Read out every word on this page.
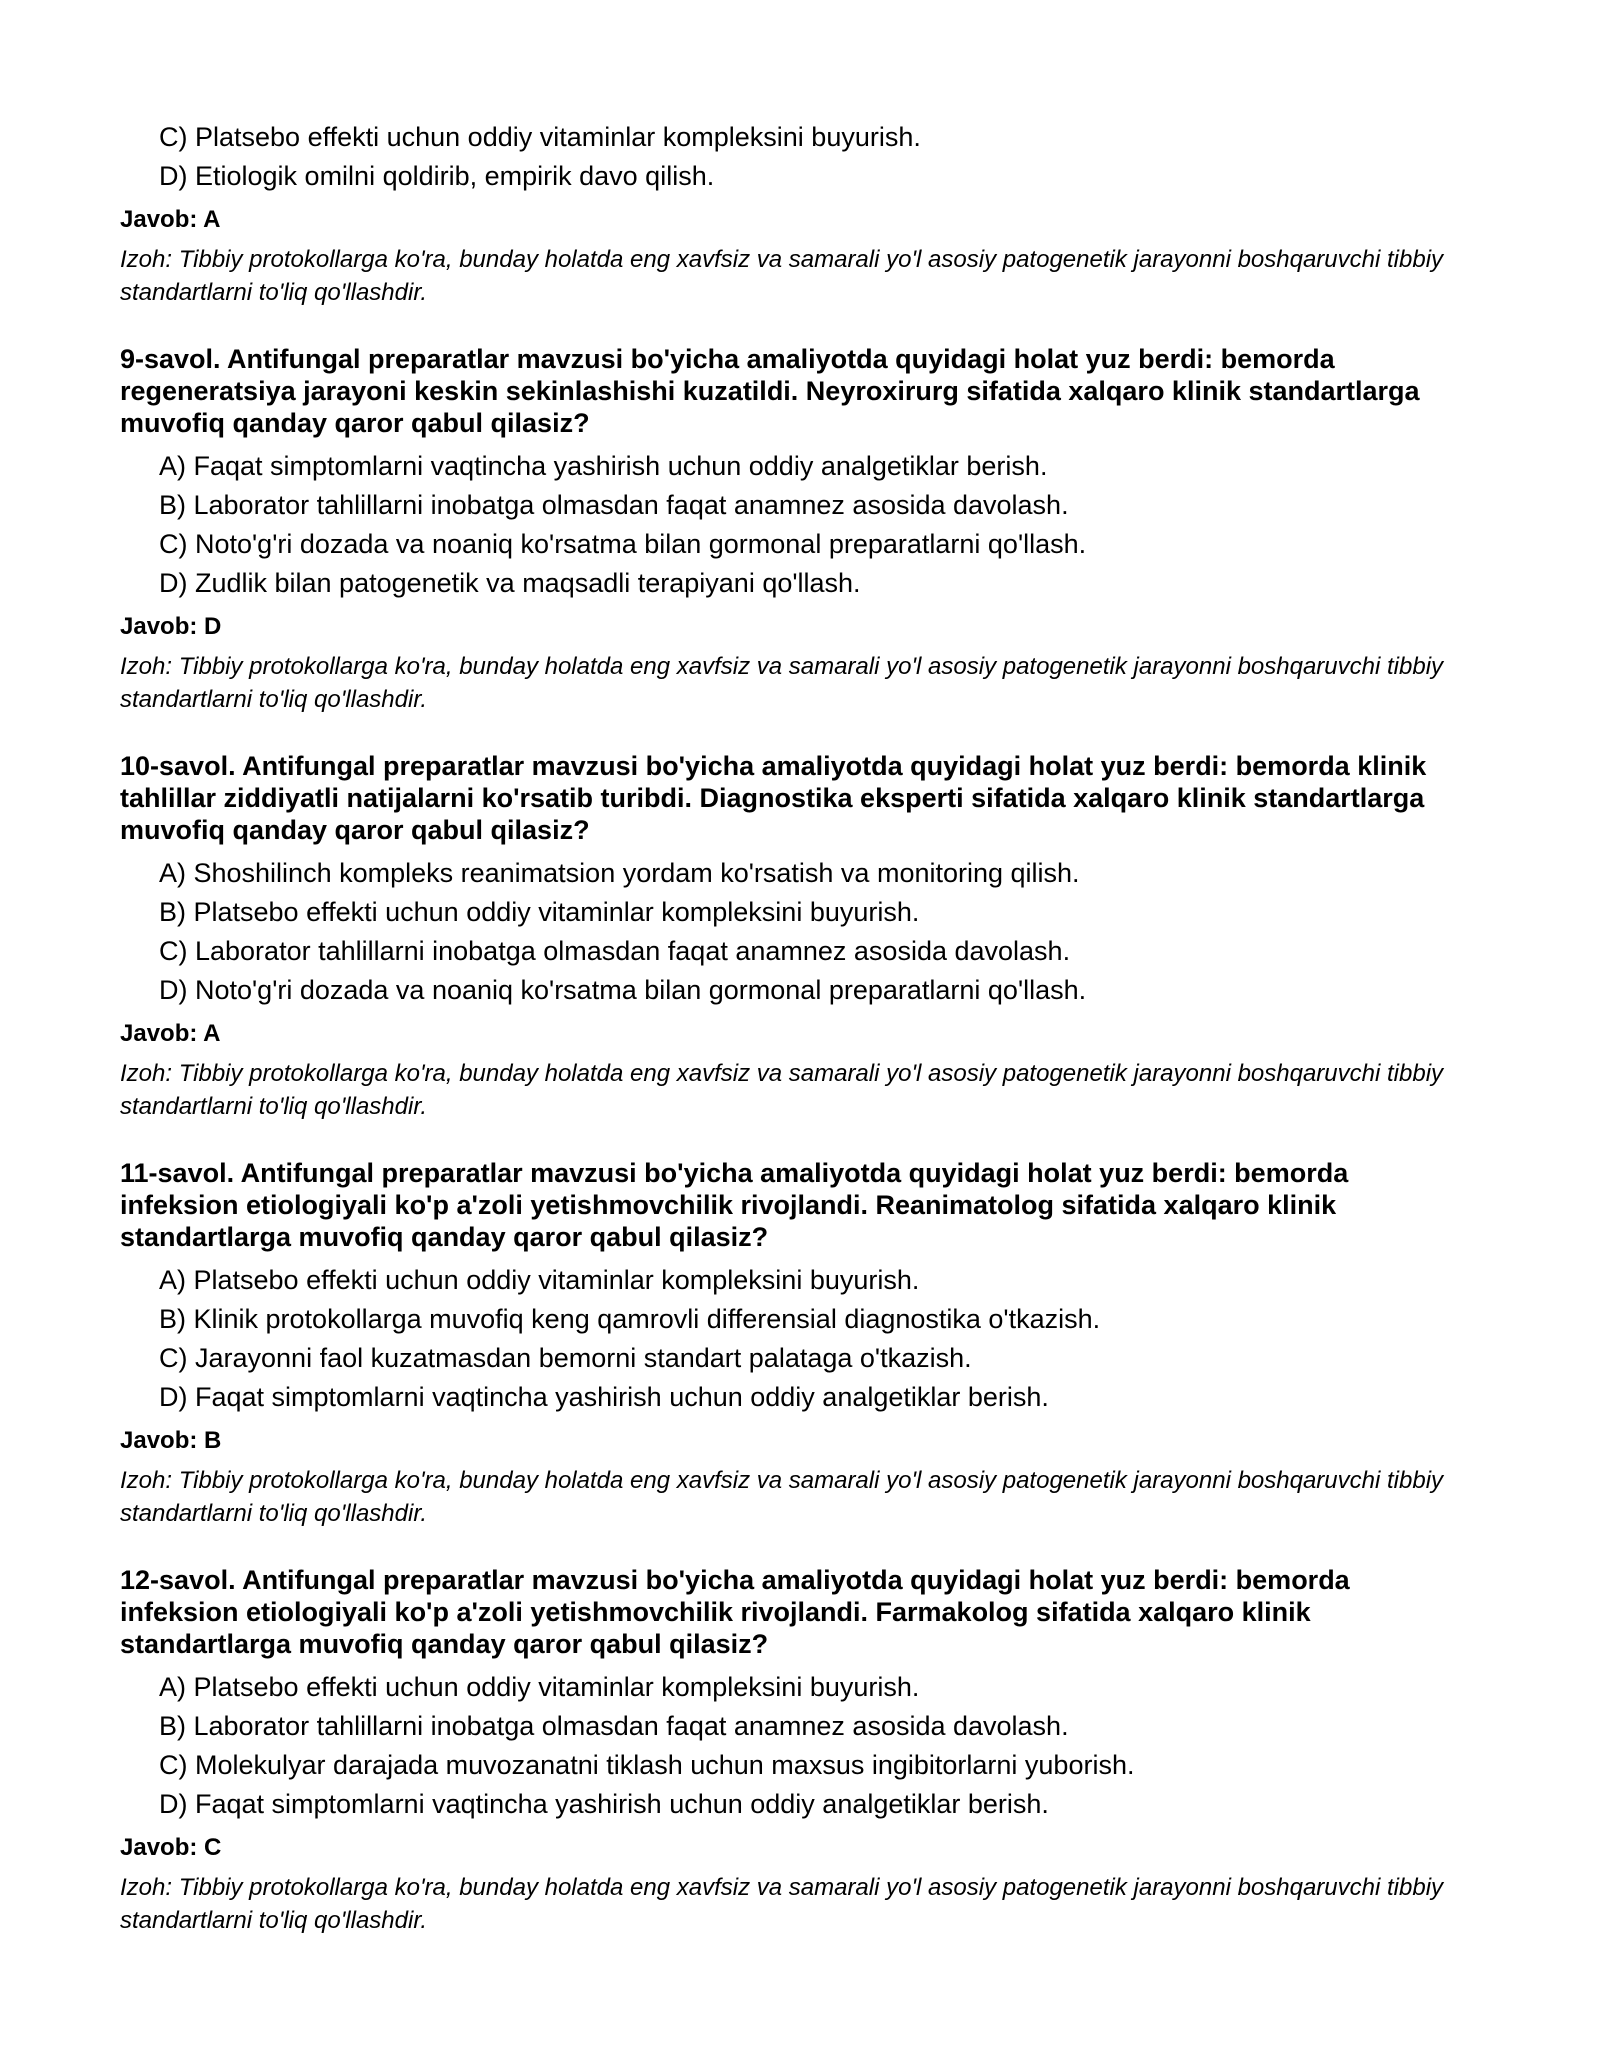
C) Platsebo effekti uchun oddiy vitaminlar kompleksini buyurish.

D) Etiologik omilni qoldirib, empirik davo qilish.

Javob: A

Izoh: Tibbiy protokollarga ko'ra, bunday holatda eng xavfsiz va samarali yo'l asosiy patogenetik jarayonni boshqaruvchi tibbiy standartlarni to'liq qo'llashdir.

9-savol. Antifungal preparatlar mavzusi bo'yicha amaliyotda quyidagi holat yuz berdi: bemorda regeneratsiya jarayoni keskin sekinlashishi kuzatildi. Neyroxirurg sifatida xalqaro klinik standartlarga muvofiq qanday qaror qabul qilasiz?

A) Faqat simptomlarni vaqtincha yashirish uchun oddiy analgetiklar berish.

B) Laborator tahlillarni inobatga olmasdan faqat anamnez asosida davolash.

C) Noto'g'ri dozada va noaniq ko'rsatma bilan gormonal preparatlarni qo'llash.

D) Zudlik bilan patogenetik va maqsadli terapiyani qo'llash.

Javob: D

Izoh: Tibbiy protokollarga ko'ra, bunday holatda eng xavfsiz va samarali yo'l asosiy patogenetik jarayonni boshqaruvchi tibbiy standartlarni to'liq qo'llashdir.

10-savol. Antifungal preparatlar mavzusi bo'yicha amaliyotda quyidagi holat yuz berdi: bemorda klinik tahlillar ziddiyatli natijalarni ko'rsatib turibdi. Diagnostika eksperti sifatida xalqaro klinik standartlarga muvofiq qanday qaror qabul qilasiz?

A) Shoshilinch kompleks reanimatsion yordam ko'rsatish va monitoring qilish.

B) Platsebo effekti uchun oddiy vitaminlar kompleksini buyurish.

C) Laborator tahlillarni inobatga olmasdan faqat anamnez asosida davolash.

D) Noto'g'ri dozada va noaniq ko'rsatma bilan gormonal preparatlarni qo'llash.

Javob: A

Izoh: Tibbiy protokollarga ko'ra, bunday holatda eng xavfsiz va samarali yo'l asosiy patogenetik jarayonni boshqaruvchi tibbiy standartlarni to'liq qo'llashdir.

11-savol. Antifungal preparatlar mavzusi bo'yicha amaliyotda quyidagi holat yuz berdi: bemorda infeksion etiologiyali ko'p a'zoli yetishmovchilik rivojlandi. Reanimatolog sifatida xalqaro klinik standartlarga muvofiq qanday qaror qabul qilasiz?

A) Platsebo effekti uchun oddiy vitaminlar kompleksini buyurish.

B) Klinik protokollarga muvofiq keng qamrovli differensial diagnostika o'tkazish.

C) Jarayonni faol kuzatmasdan bemorni standart palataga o'tkazish.

D) Faqat simptomlarni vaqtincha yashirish uchun oddiy analgetiklar berish.

Javob: B

Izoh: Tibbiy protokollarga ko'ra, bunday holatda eng xavfsiz va samarali yo'l asosiy patogenetik jarayonni boshqaruvchi tibbiy standartlarni to'liq qo'llashdir.

12-savol. Antifungal preparatlar mavzusi bo'yicha amaliyotda quyidagi holat yuz berdi: bemorda infeksion etiologiyali ko'p a'zoli yetishmovchilik rivojlandi. Farmakolog sifatida xalqaro klinik standartlarga muvofiq qanday qaror qabul qilasiz?

A) Platsebo effekti uchun oddiy vitaminlar kompleksini buyurish.

B) Laborator tahlillarni inobatga olmasdan faqat anamnez asosida davolash.

C) Molekulyar darajada muvozanatni tiklash uchun maxsus ingibitorlarni yuborish.

D) Faqat simptomlarni vaqtincha yashirish uchun oddiy analgetiklar berish.

Javob: C

Izoh: Tibbiy protokollarga ko'ra, bunday holatda eng xavfsiz va samarali yo'l asosiy patogenetik jarayonni boshqaruvchi tibbiy standartlarni to'liq qo'llashdir.
